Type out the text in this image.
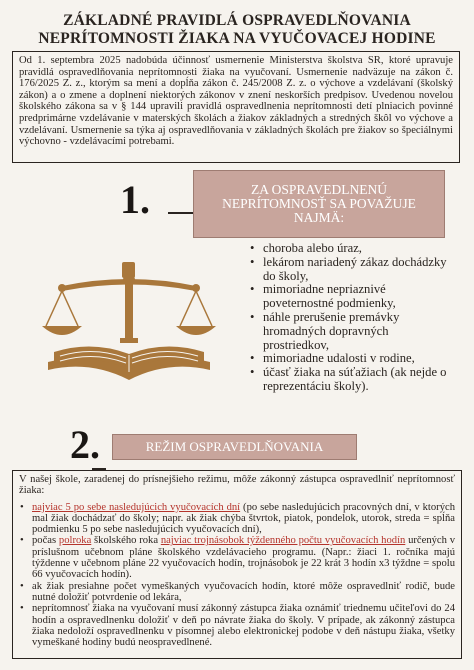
ZÁKLADNÉ PRAVIDLÁ OSPRAVEDLŇOVANIA
NEPRÍTOMNOSTI ŽIAKA NA VYUČOVACEJ HODINE
Od 1. septembra 2025 nadobúda účinnosť usmernenie Ministerstva školstva SR, ktoré upravuje pravidlá ospravedlňovania neprítomnosti žiaka na vyučovaní. Usmernenie nadväzuje na zákon č. 176/2025 Z. z., ktorým sa mení a dopĺňa zákon č. 245/2008 Z. z. o výchove a vzdelávaní (školský zákon) a o zmene a doplnení niektorých zákonov v znení neskorších predpisov. Uvedenou novelou školského zákona sa v § 144 upravili pravidlá ospravedlnenia neprítomnosti detí plniacich povinné predprimárne vzdelávanie v materských školách a žiakov základných a stredných škôl vo výchove a vzdelávaní. Usmernenie sa týka aj ospravedlňovania v základných školách pre žiakov so špeciálnymi výchovno - vzdelávacími potrebami.
1.	ZA OSPRAVEDLNENÚ
NEPRÍTOMNOSŤ SA POVAŽUJE
NAJMÄ:
• choroba alebo úraz,
• lekárom nariadený zákaz dochádzky do školy,
• mimoriadne nepriaznivé poveternostné podmienky,
• náhle prerušenie premávky hromadných dopravných prostriedkov,
• mimoriadne udalosti v rodine,
• účasť žiaka na súťažiach (ak nejde o reprezentáciu školy).
2.	REŽIM OSPRAVEDLŇOVANIA

V našej škole, zaradenej do prísnejšieho režimu, môže zákonný zástupca ospravedlniť neprítomnosť žiaka:

• najviac 5 po sebe nasledujúcich vyučovacích dní (po sebe nasledujúcich pracovných dní, v ktorých mal žiak dochádzať do školy; napr. ak žiak chýba štvrtok, piatok, pondelok, utorok, streda = spĺňa podmienku 5 po sebe nasledujúcich vyučovacích dní),
• počas polroka školského roka najviac trojnásobok týždenného počtu vyučovacích hodín určených v príslušnom učebnom pláne školského vzdelávacieho programu. (Napr.: žiaci 1. ročníka majú týždenne v učebnom pláne 22 vyučovacích hodín, trojnásobok je 22 krát 3 hodín x3 týždne = spolu 66 vyučovacích hodín).
• ak žiak presiahne počet vymeškaných vyučovacích hodín, ktoré môže ospravedlniť rodič, bude nutné doložiť potvrdenie od lekára,
• neprítomnosť žiaka na vyučovaní musí zákonný zástupca žiaka oznámiť triednemu učiteľovi do 24 hodín a ospravedlnenku doložiť v deň po návrate žiaka do školy. V prípade, ak zákonný zástupca žiaka nedoloží ospravedlnenku v písomnej alebo elektronickej podobe v deň nástupu žiaka, všetky vymeškané hodiny budú neospravedlnené.
